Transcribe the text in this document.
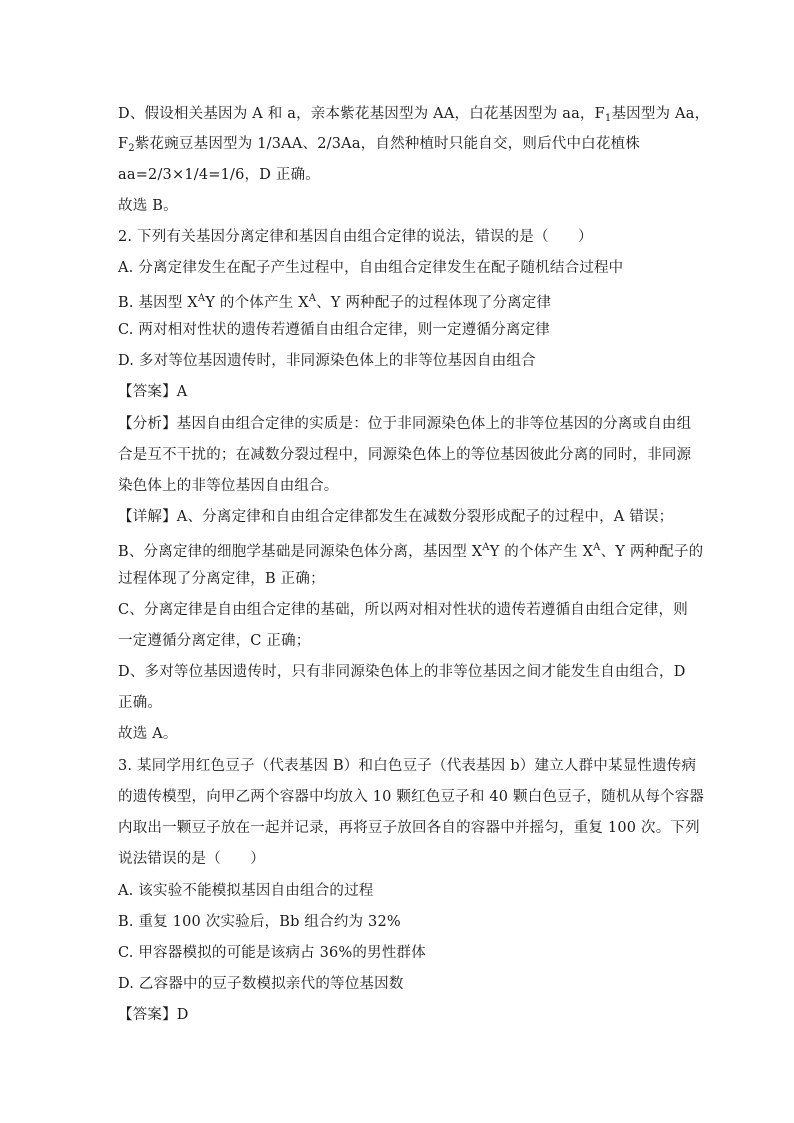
D、假设相关基因为 A 和 a，亲本紫花基因型为 AA，白花基因型为 aa，$F_1$基因型为 Aa，
$F_2$紫花豌豆基因型为 1/3AA、2/3Aa，自然种植时只能自交，则后代中白花植株
aa=2/3×1/4=1/6，D 正确。
故选 B。
2. 下列有关基因分离定律和基因自由组合定律的说法，错误的是（　　）
A. 分离定律发生在配子产生过程中，自由组合定律发生在配子随机结合过程中
B. 基因型 $X^AY$ 的个体产生 $X^A$、Y 两种配子的过程体现了分离定律
C. 两对相对性状的遗传若遵循自由组合定律，则一定遵循分离定律
D. 多对等位基因遗传时，非同源染色体上的非等位基因自由组合
【答案】A
【分析】基因自由组合定律的实质是：位于非同源染色体上的非等位基因的分离或自由组
合是互不干扰的；在减数分裂过程中，同源染色体上的等位基因彼此分离的同时，非同源
染色体上的非等位基因自由组合。
【详解】A、分离定律和自由组合定律都发生在减数分裂形成配子的过程中，A 错误；
B、分离定律的细胞学基础是同源染色体分离，基因型 $X^AY$ 的个体产生 $X^A$、Y 两种配子的
过程体现了分离定律，B 正确；
C、分离定律是自由组合定律的基础，所以两对相对性状的遗传若遵循自由组合定律，则
一定遵循分离定律，C 正确；
D、多对等位基因遗传时，只有非同源染色体上的非等位基因之间才能发生自由组合，D
正确。
故选 A。
3. 某同学用红色豆子（代表基因 B）和白色豆子（代表基因 b）建立人群中某显性遗传病
的遗传模型，向甲乙两个容器中均放入 10 颗红色豆子和 40 颗白色豆子，随机从每个容器
内取出一颗豆子放在一起并记录，再将豆子放回各自的容器中并摇匀，重复 100 次。下列
说法错误的是（　　）
A. 该实验不能模拟基因自由组合的过程
B. 重复 100 次实验后，Bb 组合约为 32%
C. 甲容器模拟的可能是该病占 36%的男性群体
D. 乙容器中的豆子数模拟亲代的等位基因数
【答案】D
